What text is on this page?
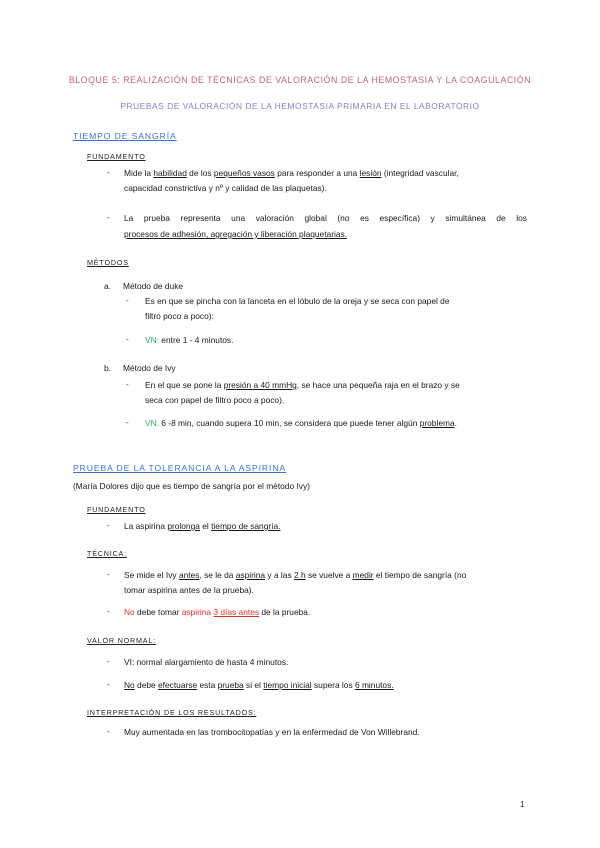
BLOQUE 5: REALIZACIÓN DE TÉCNICAS DE VALORACIÓN DE LA HEMOSTASIA Y LA COAGULACIÓN
PRUEBAS DE VALORACIÓN DE LA HEMOSTASIA PRIMARIA EN EL LABORATORIO
TIEMPO DE SANGRÍA
FUNDAMENTO
- Mide la habilidad de los pequeños vasos para responder a una lesión (integridad vascular,
capacidad constrictiva y nº y calidad de las plaquetas).
- La prueba representa una valoración global (no es específica) y simultánea de los
procesos de adhesión, agregación y liberación plaquetarias.
MÉTODOS
a. Método de duke
- Es en que se pincha con la lanceta en el lóbulo de la oreja y se seca con papel de
filtro poco a poco):
- VN: entre 1 - 4 minutos.
b. Método de Ivy
- En el que se pone la presión a 40 mmHg, se hace una pequeña raja en el brazo y se
seca con papel de filtro poco a poco).
- VN: 6 -8 min, cuando supera 10 min, se considera que puede tener algún problema.
PRUEBA DE LA TOLERANCIA A LA ASPIRINA
(María Dolores dijo que es tiempo de sangría por el método Ivy)
FUNDAMENTO
- La aspirina prolonga el tiempo de sangría.
TÉCNICA:
- Se mide el Ivy antes, se le da aspirina y a las 2 h se vuelve a medir el tiempo de sangría (no
tomar aspirina antes de la prueba).
- No debe tomar aspirina 3 días antes de la prueba.
VALOR NORMAL:
- VI: normal alargamiento de hasta 4 minutos.
- No debe efectuarse esta prueba si el tiempo inicial supera los 6 minutos.
INTERPRETACIÓN DE LOS RESULTADOS:
- Muy aumentada en las trombocitopatías y en la enfermedad de Von Willebrand.
1
